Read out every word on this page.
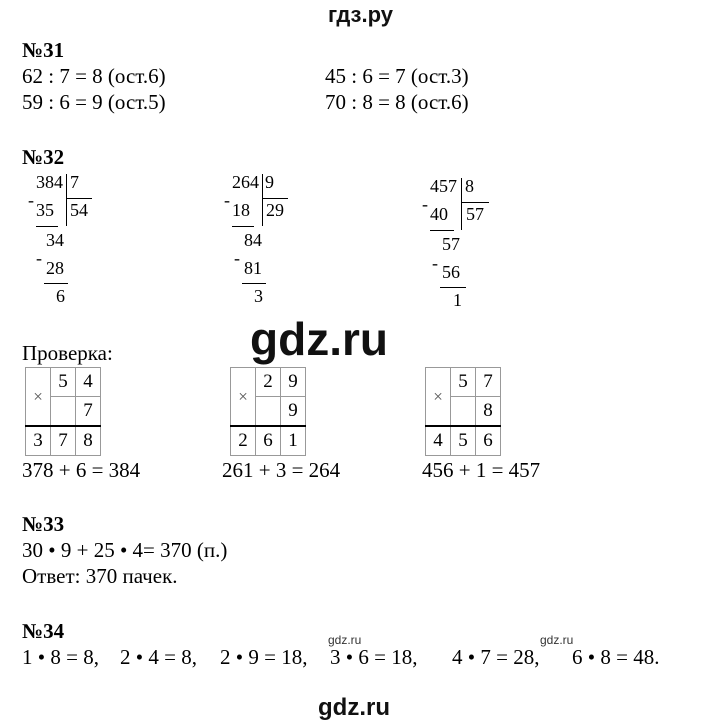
гдз.ру
№31
62 : 7 = 8 (ост.6)	45 : 6 = 7 (ост.3)
59 : 6 = 9 (ост.5)	70 : 8 = 8 (ост.6)
№32
384 7
- 35 54
34
- 28
6
264 9
- 18 29
84
- 81
3
457 8
- 40 57
57
- 56
1
Проверка:	gdz.ru
×	5	4
		7
3	7	8
×	2	9
		9
2	6	1
×	5	7
		8
4	5	6
378 + 6 = 384	261 + 3 = 264	456 + 1 = 457
№33
30 • 9 + 25 • 4= 370 (п.)
Ответ: 370 пачек.
№34	gdz.ru	gdz.ru
1 • 8 = 8, 2 • 4 = 8, 2 • 9 = 18, 3 • 6 = 18, 4 • 7 = 28, 6 • 8 = 48.
gdz.ru
